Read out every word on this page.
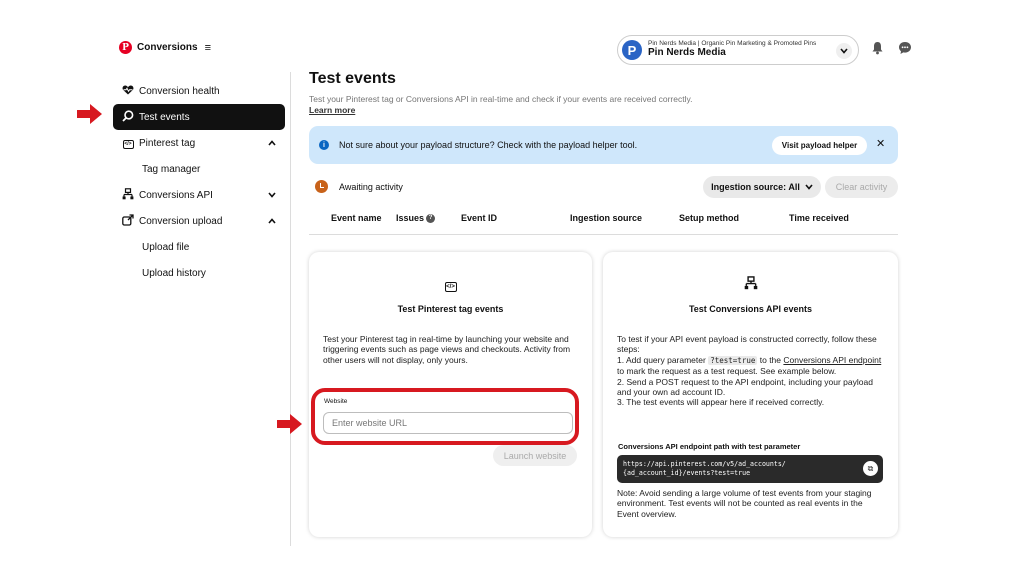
P Conversions ≡	P	Pin Nerds Media | Organic Pin Marketing & Promoted Pins
Pin Nerds Media
Conversion health
Test events
</> Pinterest tag
Tag manager
Conversions API
Conversion upload
Upload file
Upload history
Test events
Test your Pinterest tag or Conversions API in real-time and check if your events are received correctly.
Learn more
i	Not sure about your payload structure? Check with the payload helper tool.	Visit payload helper	✕
Awaiting activity	Ingestion source: All	Clear activity
Event name Issues ?	Event ID	Ingestion source	Setup method	Time received
</>
Test Pinterest tag events
Test your Pinterest tag in real-time by launching your website and triggering events such as page views and checkouts. Activity from other users will not display, only yours.
Website
Enter website URL
Launch website
Test Conversions API events
To test if your API event payload is constructed correctly, follow these steps:
1. Add query parameter ?test=true to the Conversions API endpoint to mark the request as a test request. See example below.
2. Send a POST request to the API endpoint, including your payload and your own ad account ID.
3. The test events will appear here if received correctly.
Conversions API endpoint path with test parameter
https://api.pinterest.com/v5/ad_accounts/
{ad_account_id}/events?test=true	⧉
Note: Avoid sending a large volume of test events from your staging environment. Test events will not be counted as real events in the Event overview.
